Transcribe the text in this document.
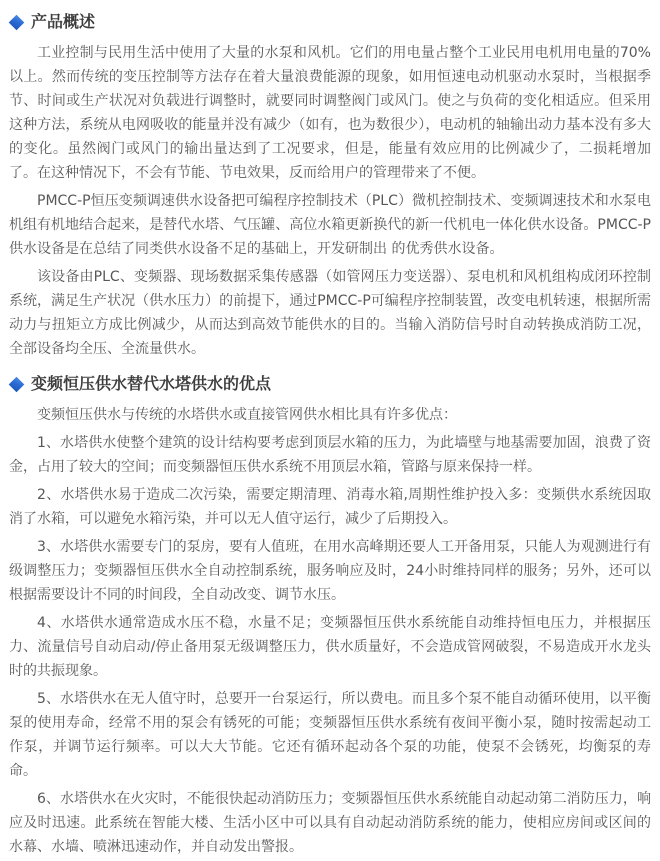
产品概述

工业控制与民用生活中使用了大量的水泵和风机。它们的用电量占整个工业民用电机用电量的70%以上。然而传统的变压控制等方法存在着大量浪费能源的现象，如用恒速电动机驱动水泵时，当根据季节、时间或生产状况对负载进行调整时，就要同时调整阀门或风门。使之与负荷的变化相适应。但采用这种方法，系统从电网吸收的能量并没有减少（如有，也为数很少），电动机的轴输出动力基本没有多大的变化。虽然阀门或风门的输出量达到了工况要求，但是，能量有效应用的比例减少了，二损耗增加了。在这种情况下，不会有节能、节电效果，反而给用户的管理带来了不便。

PMCC-P恒压变频调速供水设备把可编程序控制技术（PLC）微机控制技术、变频调速技术和水泵电机组有机地结合起来，是替代水塔、气压罐、高位水箱更新换代的新一代机电一体化供水设备。PMCC-P供水设备是在总结了同类供水设备不足的基础上，开发研制出 的优秀供水设备。

该设备由PLC、变频器、现场数据采集传感器（如管网压力变送器）、泵电机和风机组构成闭环控制系统，满足生产状况（供水压力）的前提下，通过PMCC-P可编程序控制装置，改变电机转速，根据所需动力与扭矩立方成比例减少，从而达到高效节能供水的目的。当输入消防信号时自动转换成消防工况，全部设备均全压、全流量供水。

变频恒压供水替代水塔供水的优点

变频恒压供水与传统的水塔供水或直接管网供水相比具有许多优点：

1、水塔供水使整个建筑的设计结构要考虑到顶层水箱的压力，为此墙壁与地基需要加固，浪费了资金，占用了较大的空间；而变频器恒压供水系统不用顶层水箱，管路与原来保持一样。

2、水塔供水易于造成二次污染，需要定期清理、消毒水箱,周期性维护投入多：变频供水系统因取消了水箱，可以避免水箱污染，并可以无人值守运行，减少了后期投入。

3、水塔供水需要专门的泵房，要有人值班，在用水高峰期还要人工开备用泵，只能人为观测进行有级调整压力；变频器恒压供水全自动控制系统，服务响应及时，24小时维持同样的服务；另外，还可以根据需要设计不同的时间段，全自动改变、调节水压。

4、水塔供水通常造成水压不稳，水量不足；变频器恒压供水系统能自动维持恒电压力，并根据压力、流量信号自动启动/停止备用泵无级调整压力，供水质量好，不会造成管网破裂，不易造成开水龙头时的共振现象。

5、水塔供水在无人值守时，总要开一台泵运行，所以费电。而且多个泵不能自动循环使用，以平衡泵的使用寿命，经常不用的泵会有锈死的可能；变频器恒压供水系统有夜间平衡小泵，随时按需起动工作泵，并调节运行频率。可以大大节能。它还有循环起动各个泵的功能，使泵不会锈死，均衡泵的寿命。

6、水塔供水在火灾时，不能很快起动消防压力；变频器恒压供水系统能自动起动第二消防压力，响应及时迅速。此系统在智能大楼、生活小区中可以具有自动起动消防系统的能力，使相应房间或区间的水幕、水墙、喷淋迅速动作，并自动发出警报。
